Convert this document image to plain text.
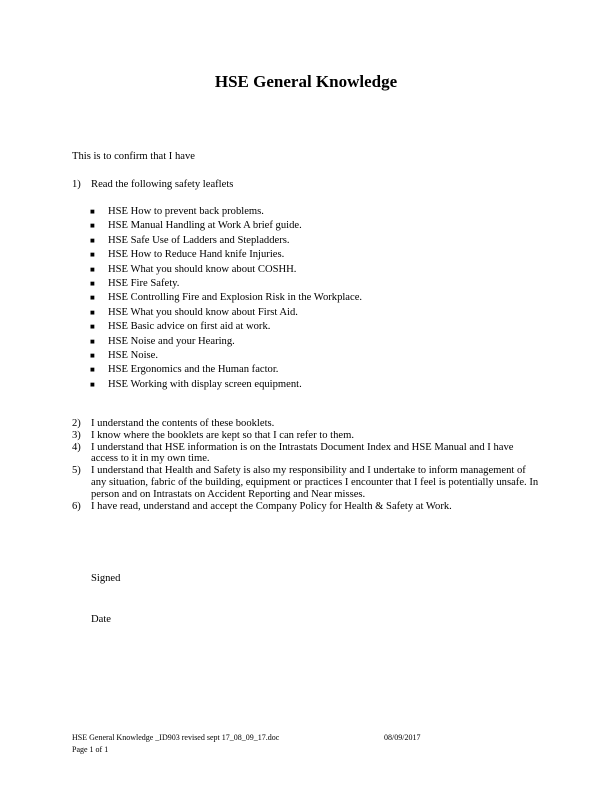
HSE General Knowledge
This is to confirm that I have
1) Read the following safety leaflets
■ HSE How to prevent back problems.
■ HSE Manual Handling at Work A brief guide.
■ HSE Safe Use of Ladders and Stepladders.
■ HSE How to Reduce Hand knife Injuries.
■ HSE What you should know about COSHH.
■ HSE Fire Safety.
■ HSE Controlling Fire and Explosion Risk in the Workplace.
■ HSE What you should know about First Aid.
■ HSE Basic advice on first aid at work.
■ HSE Noise and your Hearing.
■ HSE Noise.
■ HSE Ergonomics and the Human factor.
■ HSE Working with display screen equipment.
2) I understand the contents of these booklets.
3) I know where the booklets are kept so that I can refer to them.
4) I understand that HSE information is on the Intrastats Document Index and HSE Manual and I have access to it in my own time.
5) I understand that Health and Safety is also my responsibility and I undertake to inform management of any situation, fabric of the building, equipment or practices I encounter that I feel is potentially unsafe. In person and on Intrastats on Accident Reporting and Near misses.
6) I have read, understand and accept the Company Policy for Health & Safety at Work.
Signed
Date
HSE General Knowledge _ID903 revised sept 17_08_09_17.doc	08/09/2017
Page 1 of 1
